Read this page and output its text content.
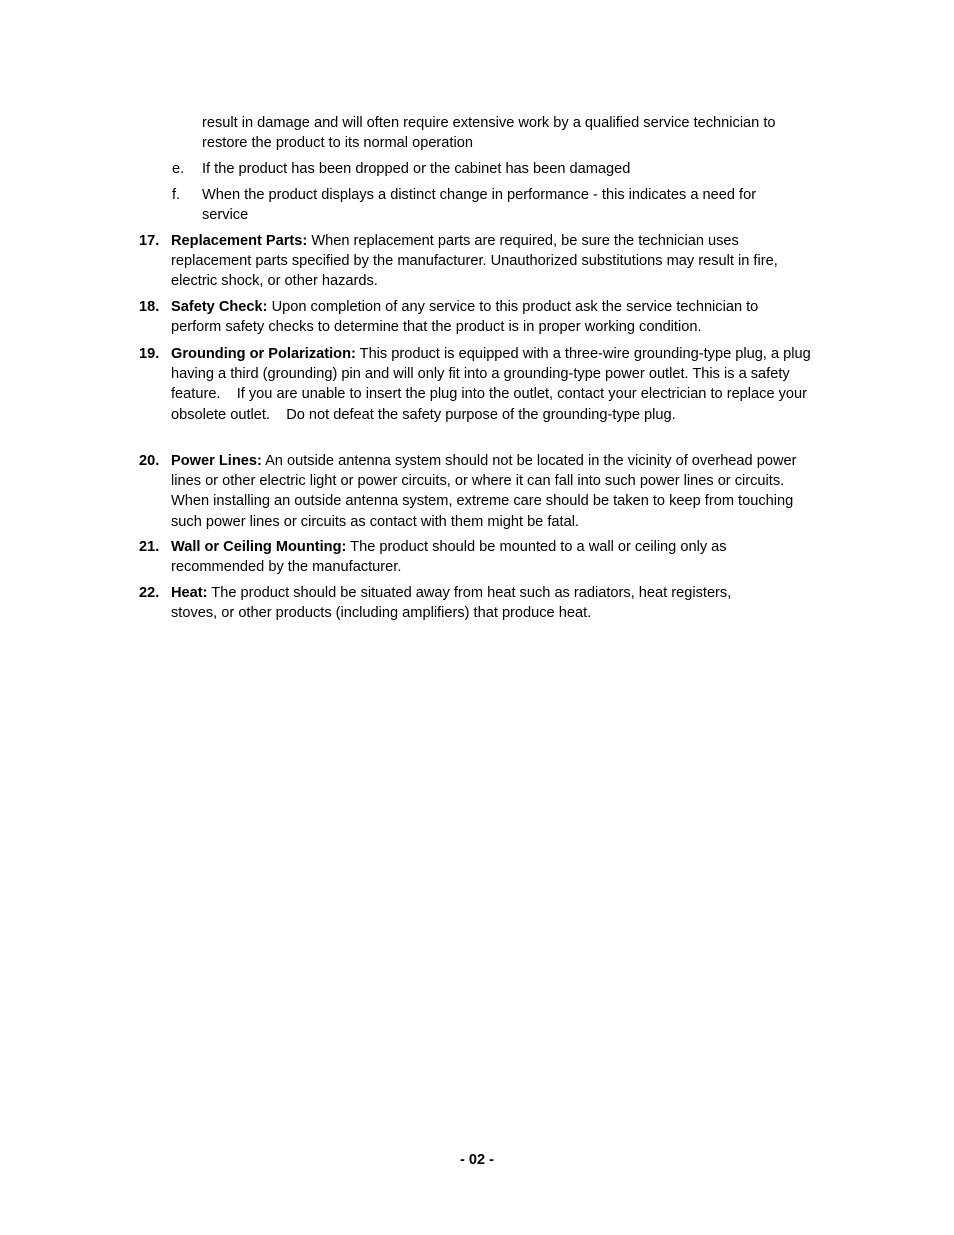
result in damage and will often require extensive work by a qualified service technician to restore the product to its normal operation
e. If the product has been dropped or the cabinet has been damaged
f. When the product displays a distinct change in performance - this indicates a need for service
17. Replacement Parts: When replacement parts are required, be sure the technician uses replacement parts specified by the manufacturer. Unauthorized substitutions may result in fire, electric shock, or other hazards.
18. Safety Check: Upon completion of any service to this product ask the service technician to perform safety checks to determine that the product is in proper working condition.
19. Grounding or Polarization: This product is equipped with a three-wire grounding-type plug, a plug having a third (grounding) pin and will only fit into a grounding-type power outlet. This is a safety feature.    If you are unable to insert the plug into the outlet, contact your electrician to replace your obsolete outlet.    Do not defeat the safety purpose of the grounding-type plug.
20. Power Lines: An outside antenna system should not be located in the vicinity of overhead power lines or other electric light or power circuits, or where it can fall into such power lines or circuits.    When installing an outside antenna system, extreme care should be taken to keep from touching such power lines or circuits as contact with them might be fatal.
21. Wall or Ceiling Mounting: The product should be mounted to a wall or ceiling only as recommended by the manufacturer.
22. Heat: The product should be situated away from heat such as radiators, heat registers, stoves, or other products (including amplifiers) that produce heat.
- 02 -
